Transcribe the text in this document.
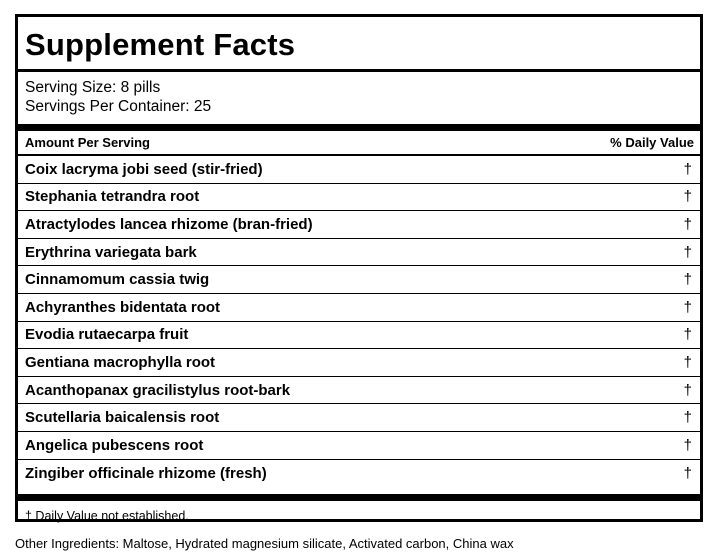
Supplement Facts
Serving Size: 8 pills
Servings Per Container: 25
Amount Per Serving	% Daily Value
Coix lacryma jobi seed (stir-fried)	†
Stephania tetrandra root	†
Atractylodes lancea rhizome (bran-fried)	†
Erythrina variegata bark	†
Cinnamomum cassia twig	†
Achyranthes bidentata root	†
Evodia rutaecarpa fruit	†
Gentiana macrophylla root	†
Acanthopanax gracilistylus root-bark	†
Scutellaria baicalensis root	†
Angelica pubescens root	†
Zingiber officinale rhizome (fresh)	†
† Daily Value not established.
Other Ingredients: Maltose, Hydrated magnesium silicate, Activated carbon, China wax
